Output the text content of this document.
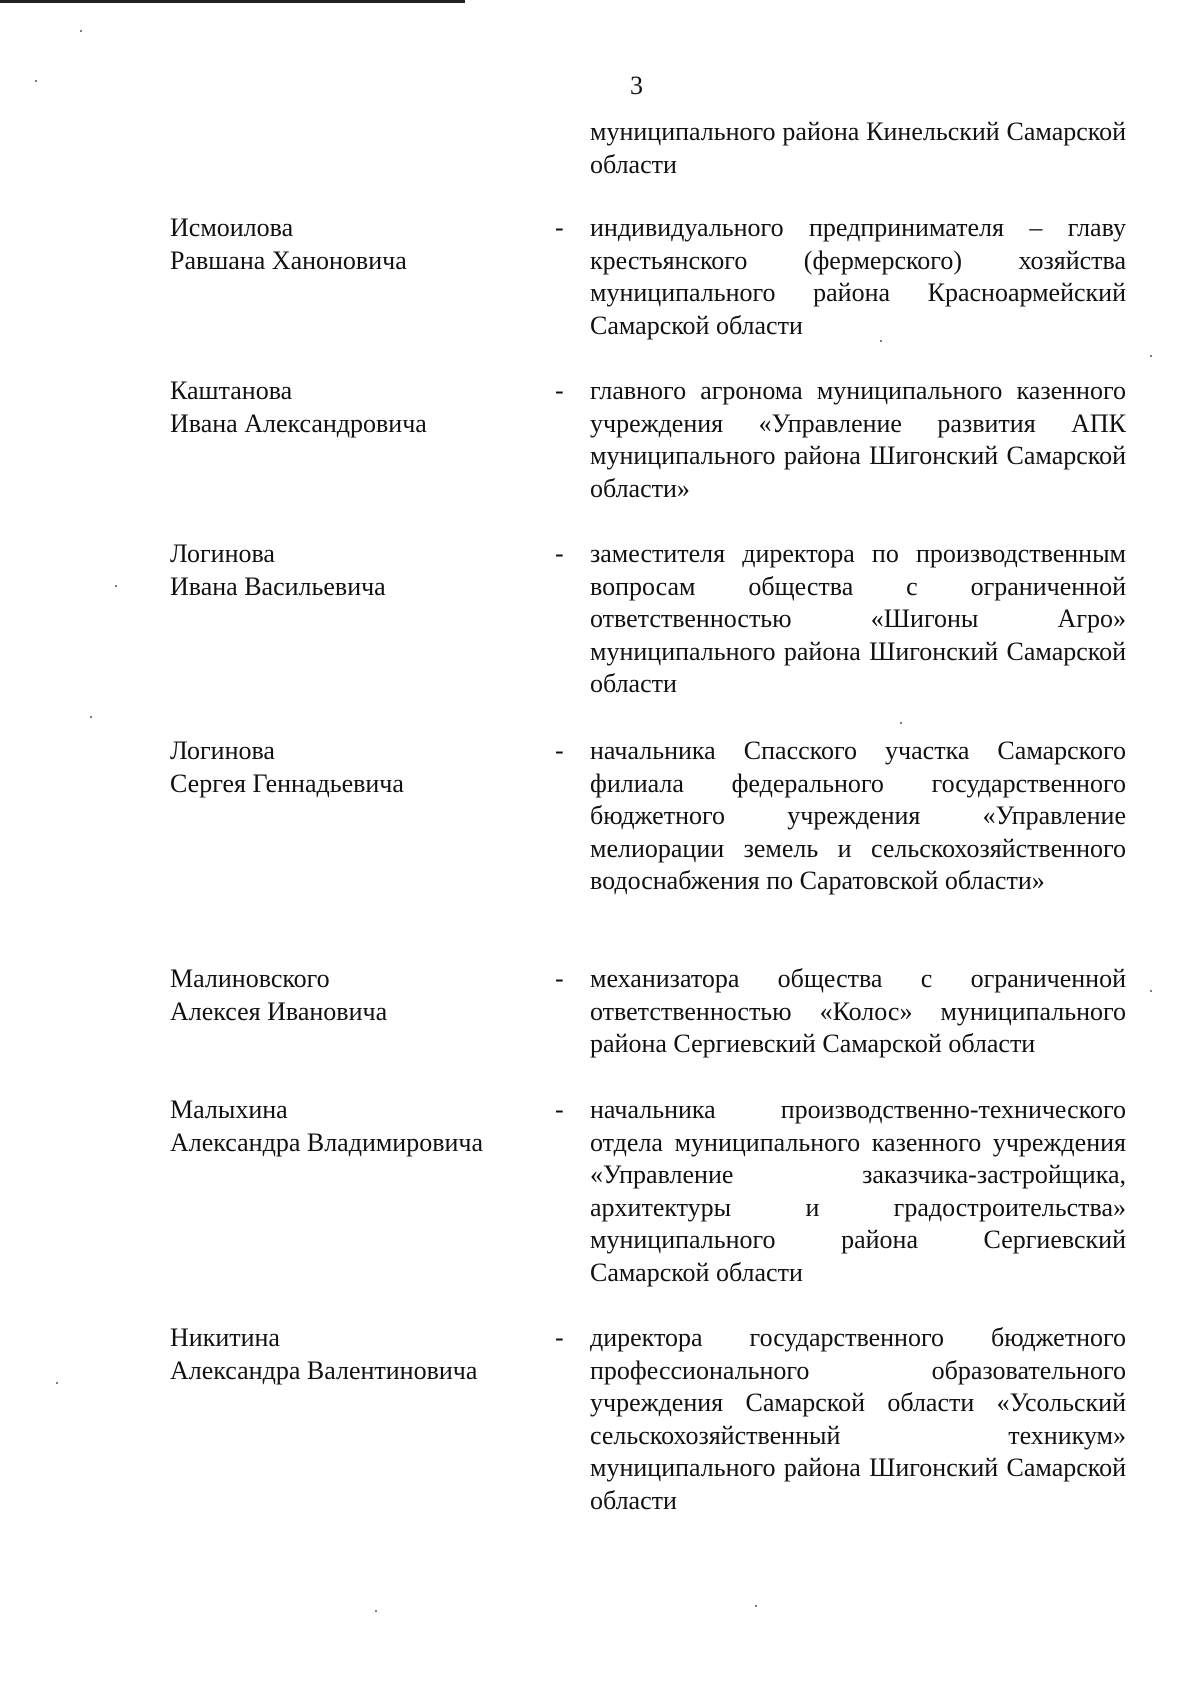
3
муниципального района Кинельский Самарской области
Исмоилова
Равшана Ханоновича
- индивидуального предпринимателя – главу крестьянского (фермерского) хозяйства муниципального района Красноармейский Самарской области
Каштанова
Ивана Александровича
- главного агронома муниципального казенного учреждения «Управление развития АПК муниципального района Шигонский Самарской области»
Логинова
Ивана Васильевича
- заместителя директора по производственным вопросам общества с ограниченной ответственностью «Шигоны Агро» муниципального района Шигонский Самарской области
Логинова
Сергея Геннадьевича
- начальника Спасского участка Самарского филиала федерального государственного бюджетного учреждения «Управление мелиорации земель и сельскохозяйственного водоснабжения по Саратовской области»
Малиновского
Алексея Ивановича
- механизатора общества с ограниченной ответственностью «Колос» муниципального района Сергиевский Самарской области
Малыхина
Александра Владимировича
- начальника производственно-технического отдела муниципального казенного учреждения «Управление заказчика-застройщика, архитектуры и градостроительства» муниципального района Сергиевский Самарской области
Никитина
Александра Валентиновича
- директора государственного бюджетного профессионального образовательного учреждения Самарской области «Усольский сельскохозяйственный техникум» муниципального района Шигонский Самарской области
